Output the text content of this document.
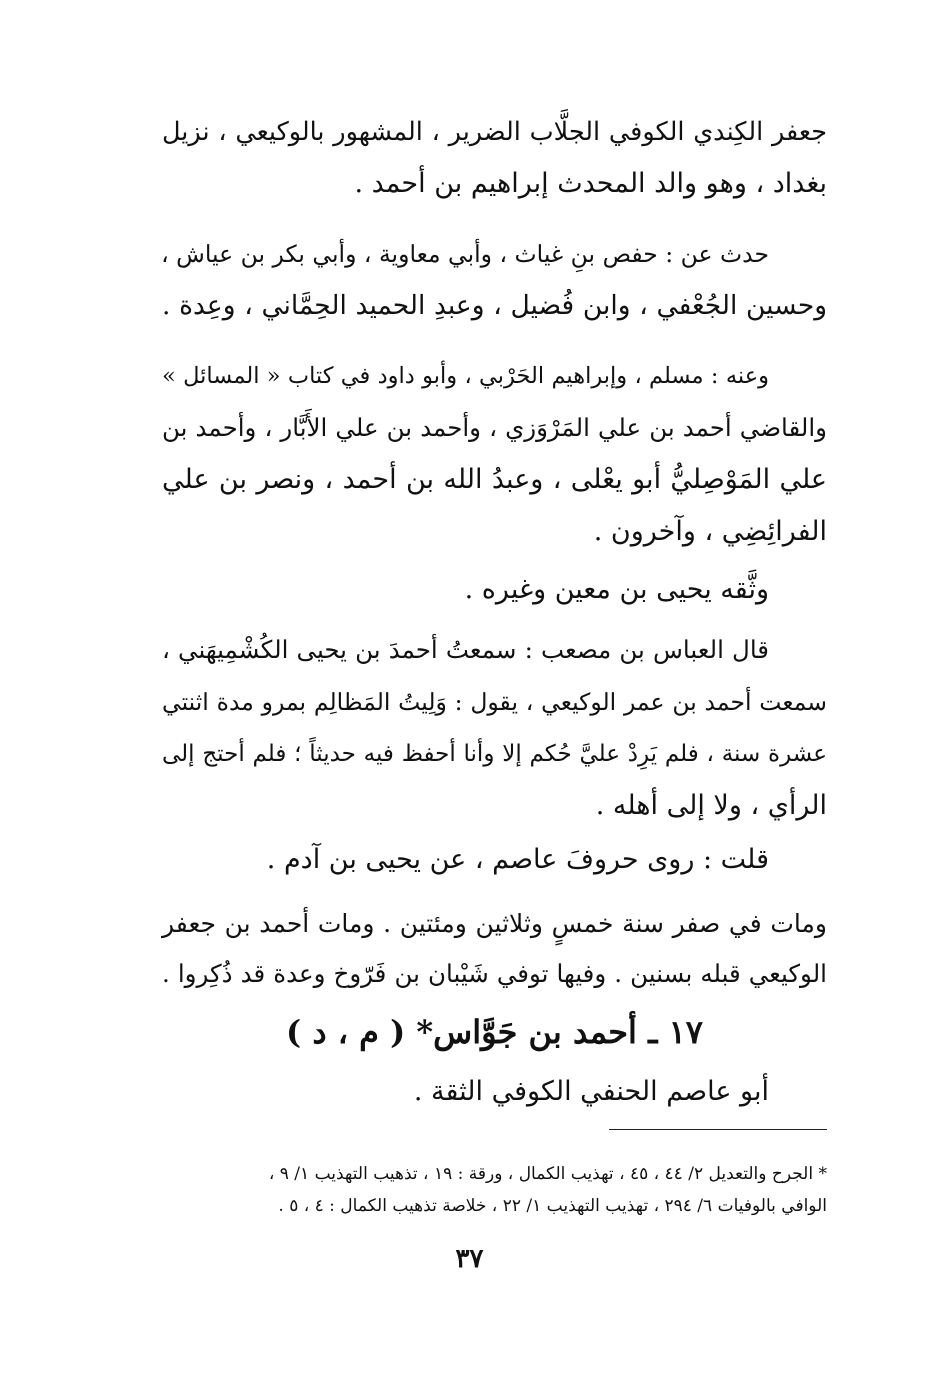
جعفر الكِندي الكوفي الجلَّاب الضرير ، المشهور بالوكيعي ، نزيل
بغداد ، وهو والد المحدث إبراهيم بن أحمد .
حدث عن : حفص بنِ غياث ، وأبي معاوية ، وأبي بكر بن عياش ،
وحسين الجُعْفي ، وابن فُضيل ، وعبدِ الحميد الحِمَّاني ، وعِدة .
وعنه : مسلم ، وإبراهيم الحَرْبي ، وأبو داود في كتاب « المسائل »
والقاضي أحمد بن علي المَرْوَزي ، وأحمد بن علي الأَبَّار ، وأحمد بن
علي المَوْصِليُّ أبو يعْلى ، وعبدُ الله بن أحمد ، ونصر بن علي
الفرائِضِي ، وآخرون .
وثَّقه يحيى بن معين وغيره .
قال العباس بن مصعب : سمعتُ أحمدَ بن يحيى الكُشْمِيهَني ،
سمعت أحمد بن عمر الوكيعي ، يقول : وَلِيتُ المَظالِم بمرو مدة اثنتي
عشرة سنة ، فلم يَرِدْ عليَّ حُكم إلا وأنا أحفظ فيه حديثاً ؛ فلم أحتج إلى
الرأي ، ولا إلى أهله .
قلت : روى حروفَ عاصم ، عن يحيى بن آدم .
ومات في صفر سنة خمسٍ وثلاثين ومئتين . ومات أحمد بن جعفر
الوكيعي قبله بسنين . وفيها توفي شَيْبان بن فَرّوخ وعدة قد ذُكِروا .
١٧ ـ أحمد بن جَوَّاس* ( م ، د )
أبو عاصم الحنفي الكوفي الثقة .
* الجرح والتعديل ٢/ ٤٤ ، ٤٥ ، تهذيب الكمال ، ورقة : ١٩ ، تذهيب التهذيب ١/ ٩ ،
الوافي بالوفيات ٦/ ٢٩٤ ، تهذيب التهذيب ١/ ٢٢ ، خلاصة تذهيب الكمال : ٤ ، ٥ .
٣٧
